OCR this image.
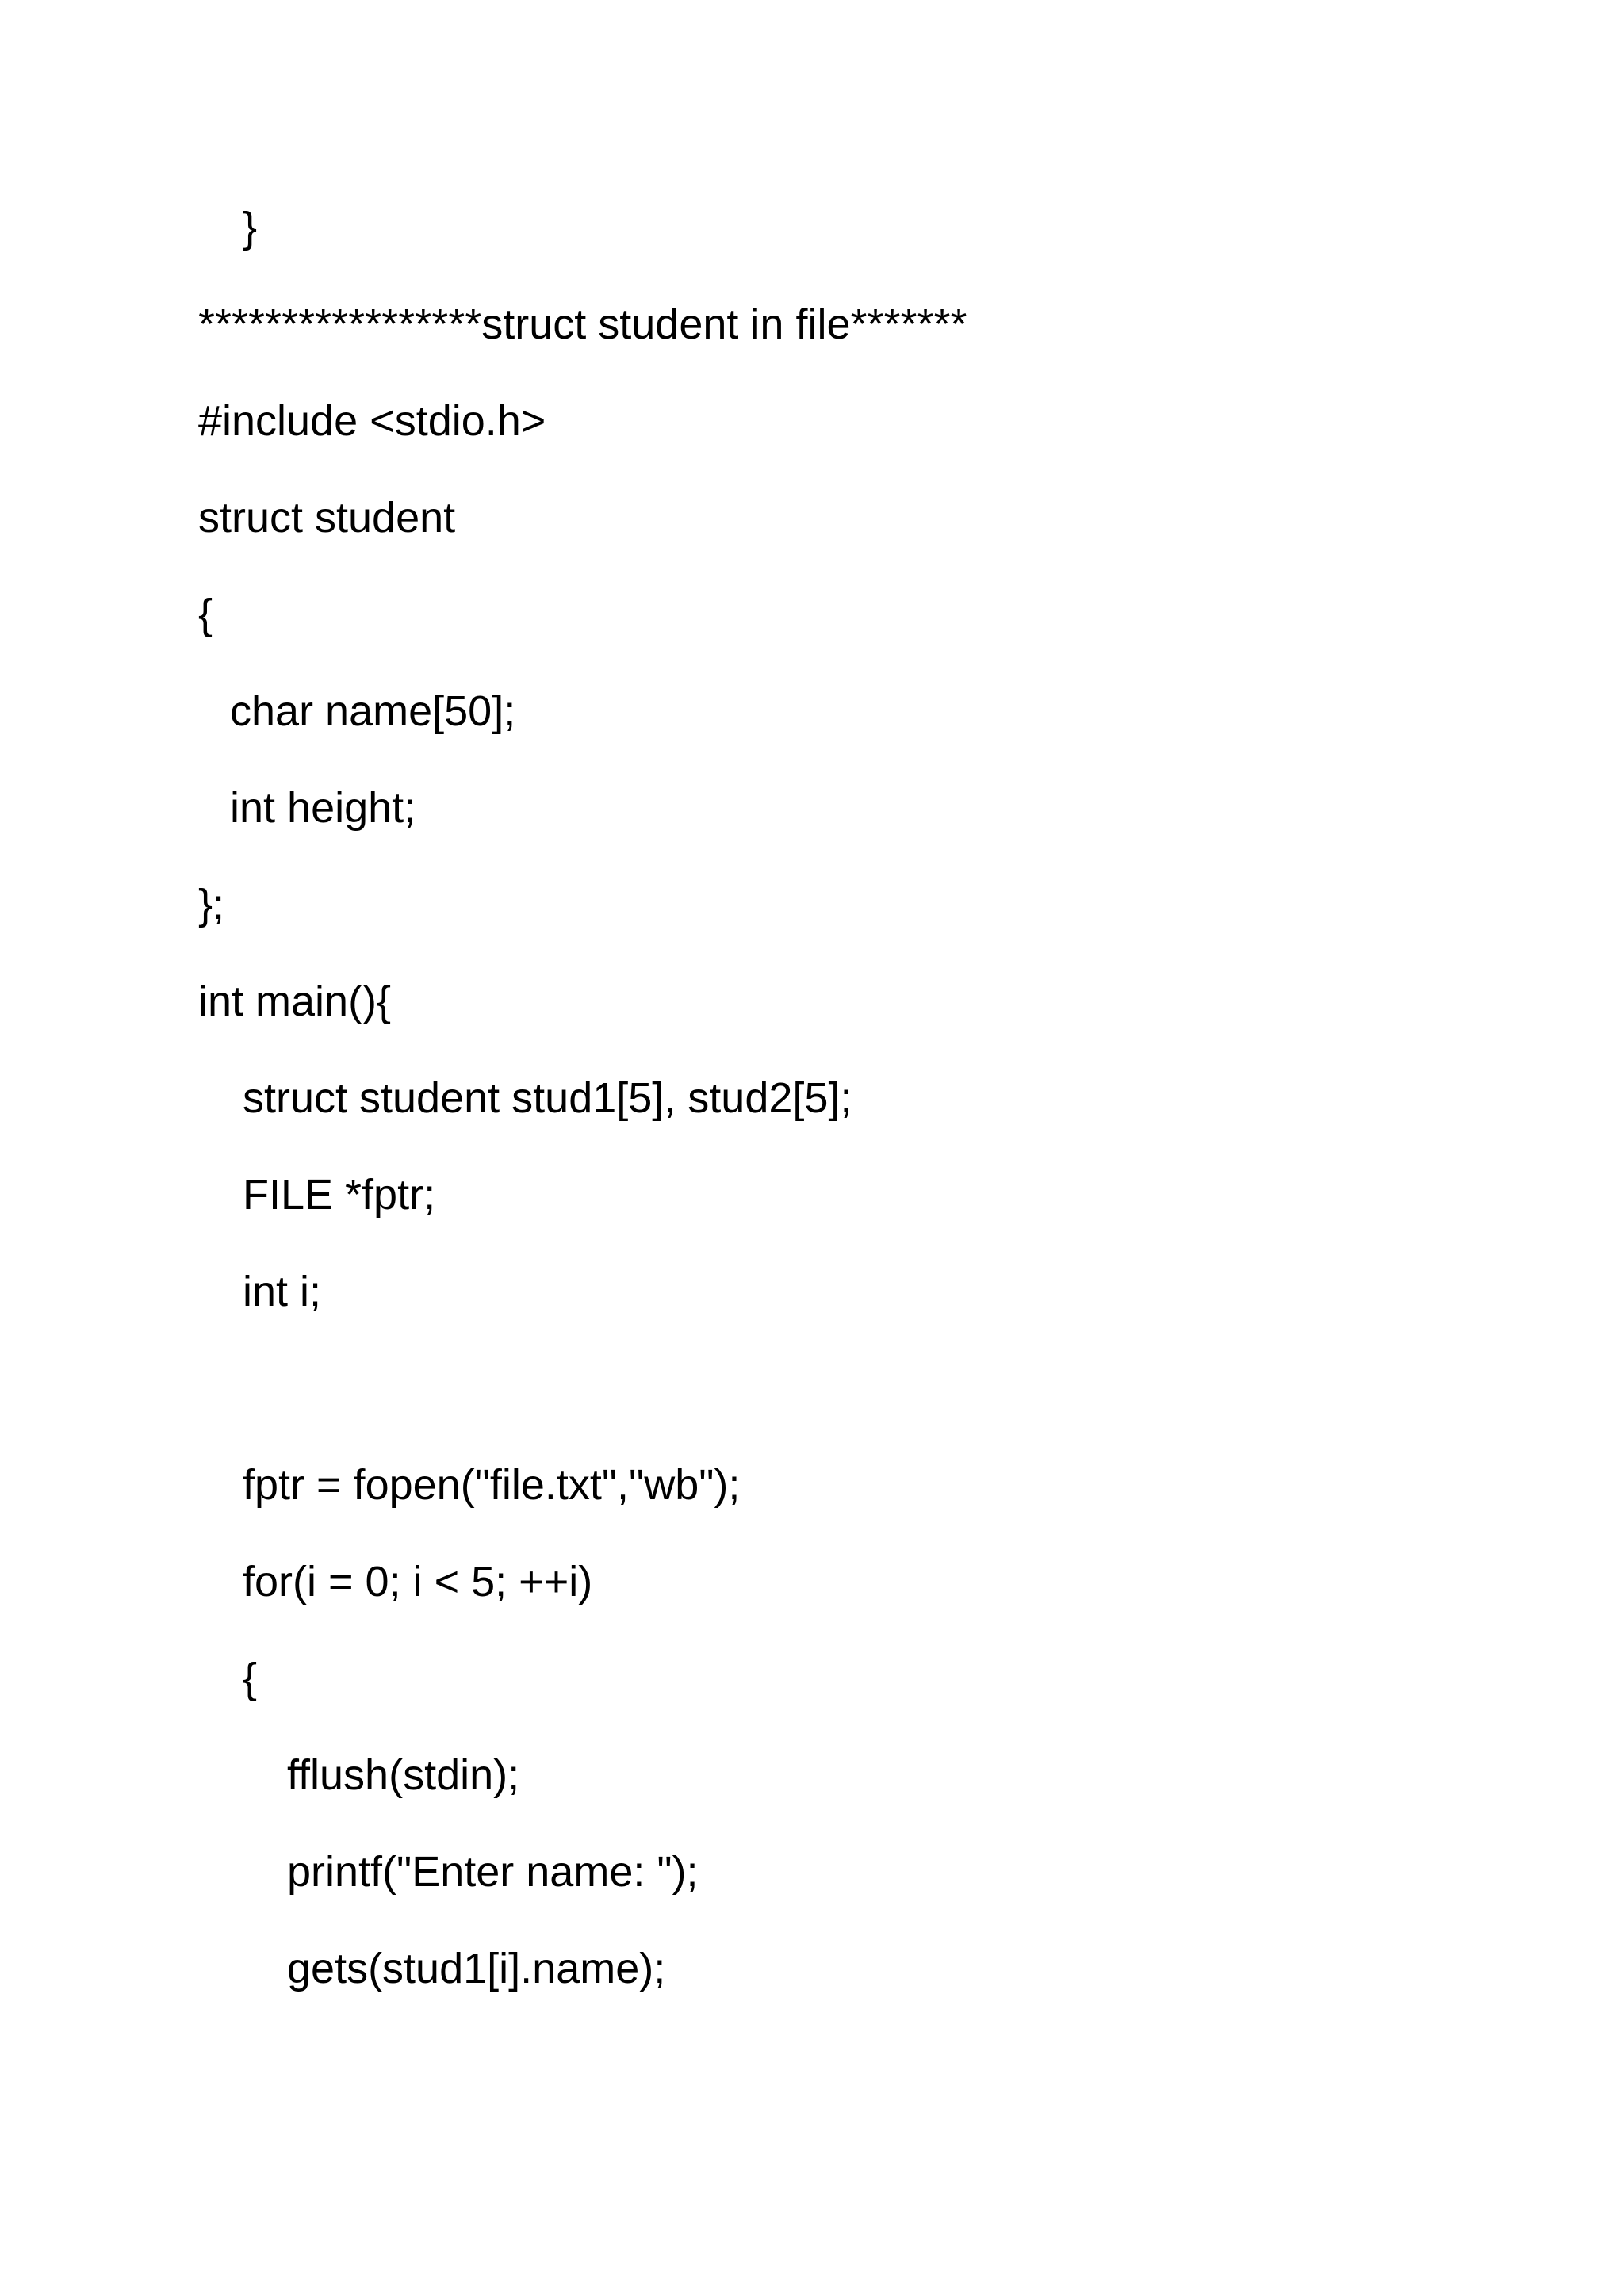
}
*****************struct student in file*******
#include <stdio.h>
struct student
{
char name[50];
int height;
};
int main(){
struct student stud1[5], stud2[5];
FILE *fptr;
int i;
fptr = fopen("file.txt","wb");
for(i = 0; i < 5; ++i)
{
fflush(stdin);
printf("Enter name: ");
gets(stud1[i].name);
